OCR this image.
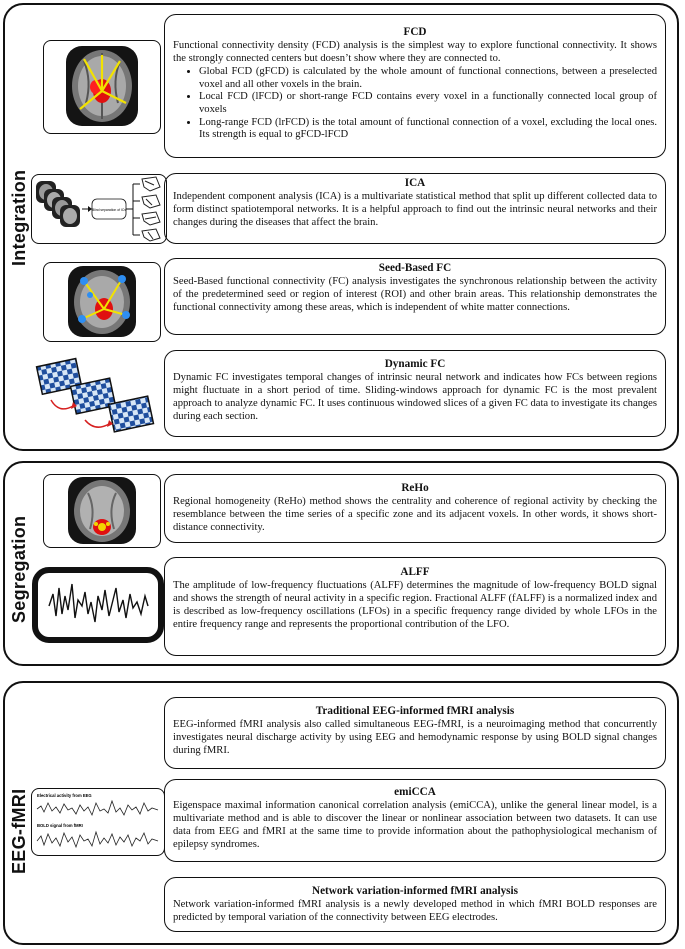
Integration
Segregation
EEG-fMRI
FCD
Functional connectivity density (FCD) analysis is the simplest way to explore functional connectivity. It shows the strongly connected centers but doesn’t show where they are connected to.
• Global FCD (gFCD) is calculated by the whole amount of functional connections, between a preselected voxel and all other voxels in the brain.
• Local FCD (lFCD) or short-range FCD contains every voxel in a functionally connected local group of voxels
• Long-range FCD (lrFCD) is the total amount of functional connection of a voxel, excluding the local ones. Its strength is equal to gFCD-lFCD
Blind separation of ICs
ICA
Independent component analysis (ICA) is a multivariate statistical method that split up different collected data to form distinct spatiotemporal networks. It is a helpful approach to find out the intrinsic neural networks and their changes during the diseases that affect the brain.
Seed-Based FC
Seed-Based functional connectivity (FC) analysis investigates the synchronous relationship between the activity of the predetermined seed or region of interest (ROI) and other brain areas. This relationship demonstrates the functional connectivity among these areas, which is independent of white matter connections.
Dynamic FC
Dynamic FC investigates temporal changes of intrinsic neural network and indicates how FCs between regions might fluctuate in a short period of time. Sliding-windows approach for dynamic FC is the most prevalent approach to analyze dynamic FC. It uses continuous windowed slices of a given FC data to investigate its changes during each section.
ReHo
Regional homogeneity (ReHo) method shows the centrality and coherence of regional activity by checking the resemblance between the time series of a specific zone and its adjacent voxels. In other words, it shows short-distance connectivity.
ALFF
The amplitude of low-frequency fluctuations (ALFF) determines the magnitude of low-frequency BOLD signal and shows the strength of neural activity in a specific region. Fractional ALFF (fALFF) is a normalized index and is described as low-frequency oscillations (LFOs) in a specific frequency range divided by whole LFOs in the entire frequency range and represents the proportional contribution of the LFO.
Traditional EEG-informed fMRI analysis
EEG-informed fMRI analysis also called simultaneous EEG-fMRI, is a neuroimaging method that concurrently investigates neural discharge activity by using EEG and hemodynamic response by using BOLD signal changes during fMRI.
Electrical activity from EEG
BOLD signal from fMRI
emiCCA
Eigenspace maximal information canonical correlation analysis (emiCCA), unlike the general linear model, is a multivariate method and is able to discover the linear or nonlinear association between two datasets. It can use data from EEG and fMRI at the same time to provide information about the pathophysiological mechanism of epilepsy syndromes.
Network variation-informed fMRI analysis
Network variation-informed fMRI analysis is a newly developed method in which fMRI BOLD responses are predicted by temporal variation of the connectivity between EEG electrodes.
